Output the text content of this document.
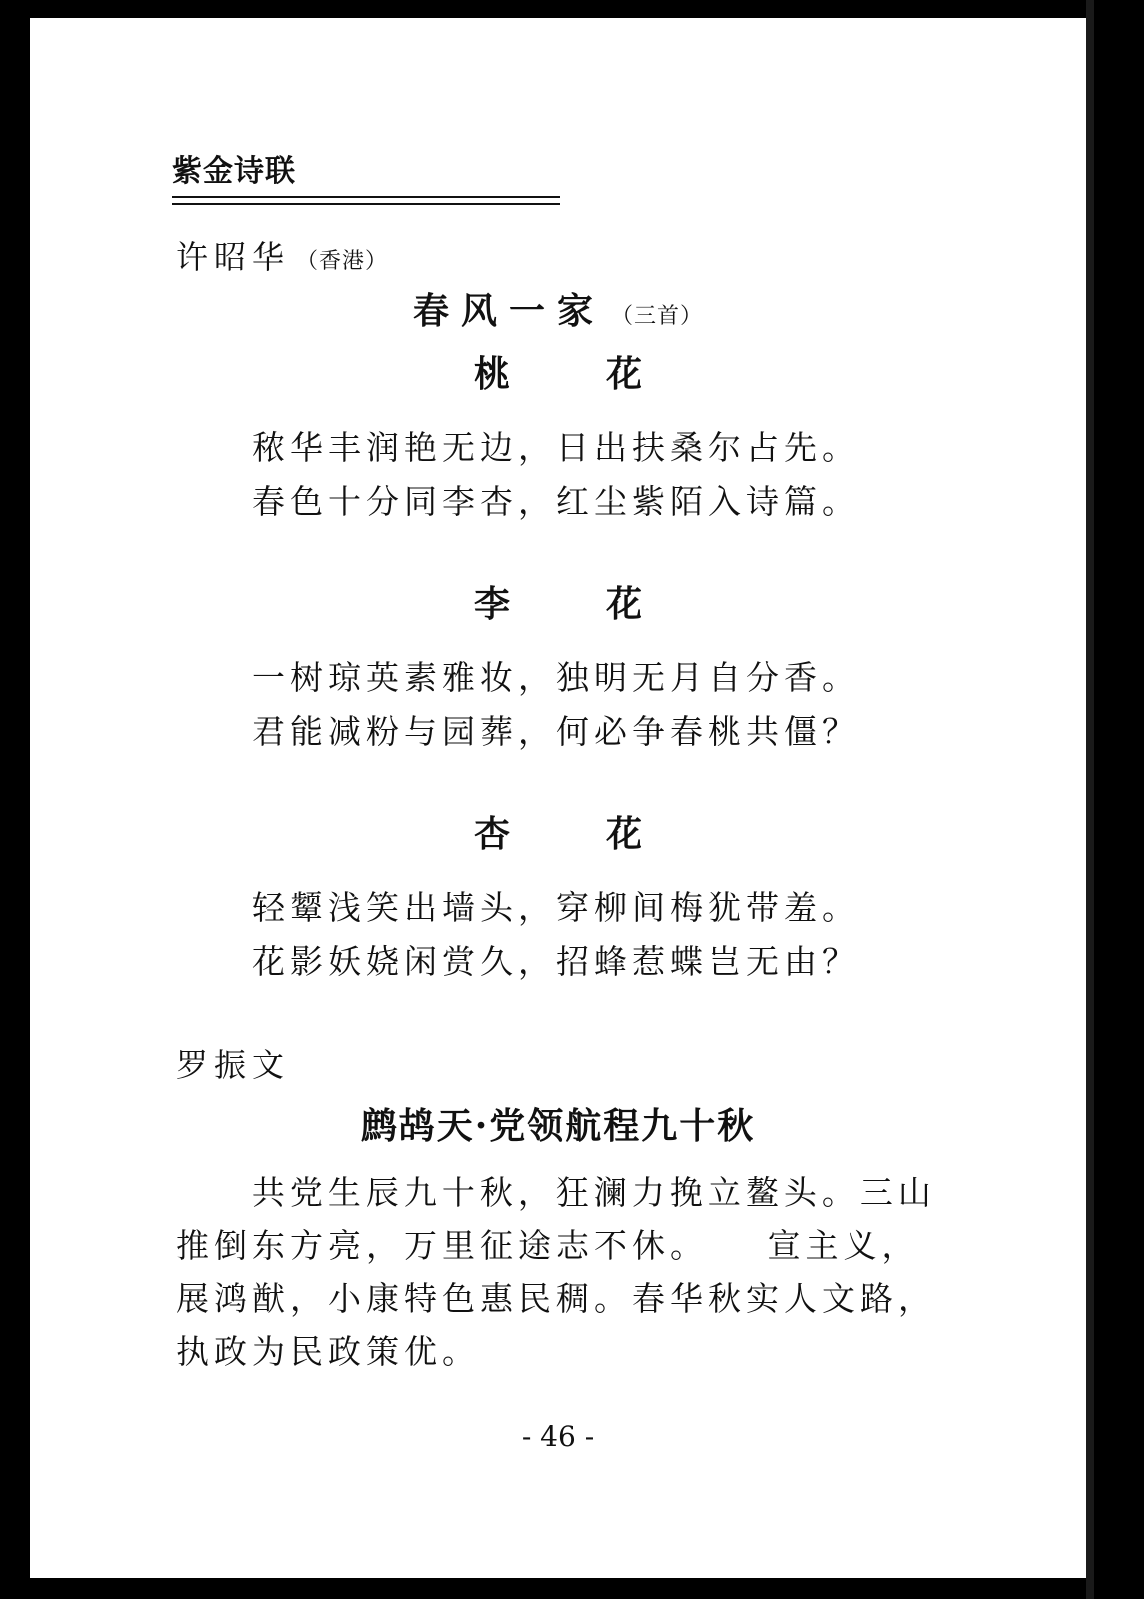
紫金诗联
许昭华 （香港）
春风一家 （三首）
桃　花
秾华丰润艳无边，日出扶桑尔占先。
春色十分同李杏，红尘紫陌入诗篇。
李　花
一树琼英素雅妆，独明无月自分香。
君能减粉与园葬，何必争春桃共僵？
杏　花
轻颦浅笑出墙头，穿柳间梅犹带羞。
花影妖娆闲赏久，招蜂惹蝶岂无由？
罗振文
鹧鸪天·党领航程九十秋

共党生辰九十秋，狂澜力挽立鳌头。三山推倒东方亮，万里征途志不休。　　宣主义，展鸿猷，小康特色惠民稠。春华秋实人文路，执政为民政策优。

- 46 -
